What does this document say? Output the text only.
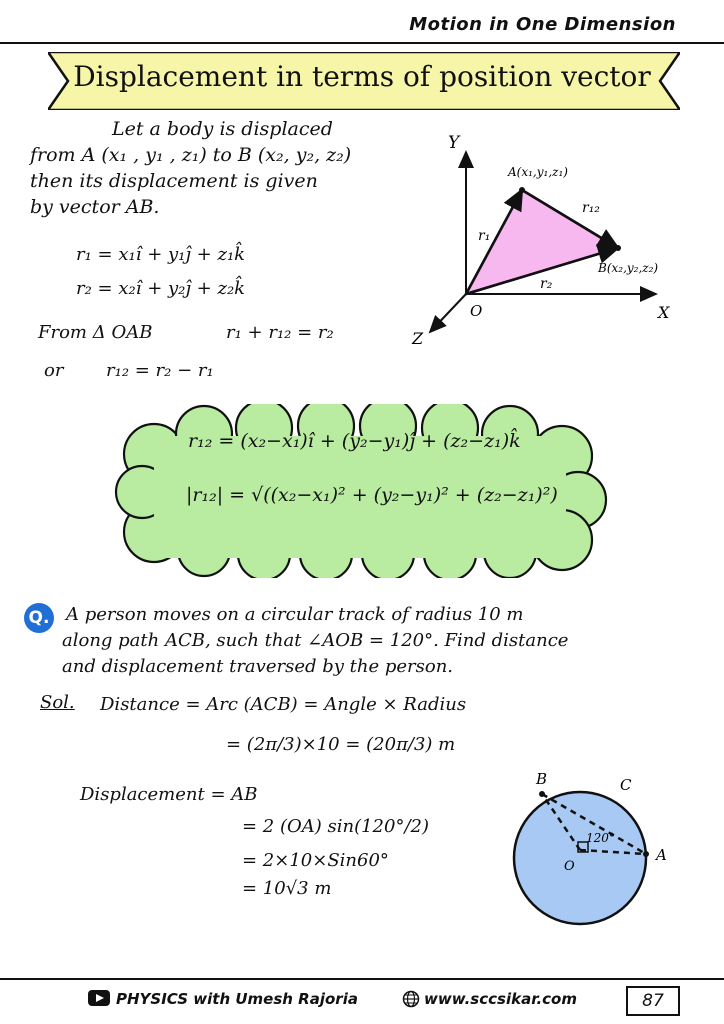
Motion in One Dimension
Displacement in terms of position vector
Let a body is displaced
from A (x₁ , y₁ , z₁) to B (x₂, y₂, z₂)
then its displacement is given
by vector AB.
r₁ = x₁î + y₁ĵ + z₁k̂
r₂ = x₂î + y₂ĵ + z₂k̂
From Δ OAB	r₁ + r₁₂ = r₂
or r₁₂ = r₂ − r₁
Y
X
Z
O
A(x₁,y₁,z₁)
B(x₂,y₂,z₂)
r₁
r₂
r₁₂
r₁₂ = (x₂−x₁)î + (y₂−y₁)ĵ + (z₂−z₁)k̂
|r₁₂| = √((x₂−x₁)² + (y₂−y₁)² + (z₂−z₁)²)
Q. A person moves on a circular track of radius 10 m
along path ACB, such that ∠AOB = 120°. Find distance
and displacement traversed by the person.
Sol. Distance = Arc (ACB) = Angle × Radius
= (2π/3)×10 = (20π/3) m
Displacement = AB
= 2 (OA) sin(120°/2)
= 2×10×Sin60°
= 10√3 m
B	C
A
O
120°
PHYSICS with Umesh Rajoria	www.sccsikar.com	87
